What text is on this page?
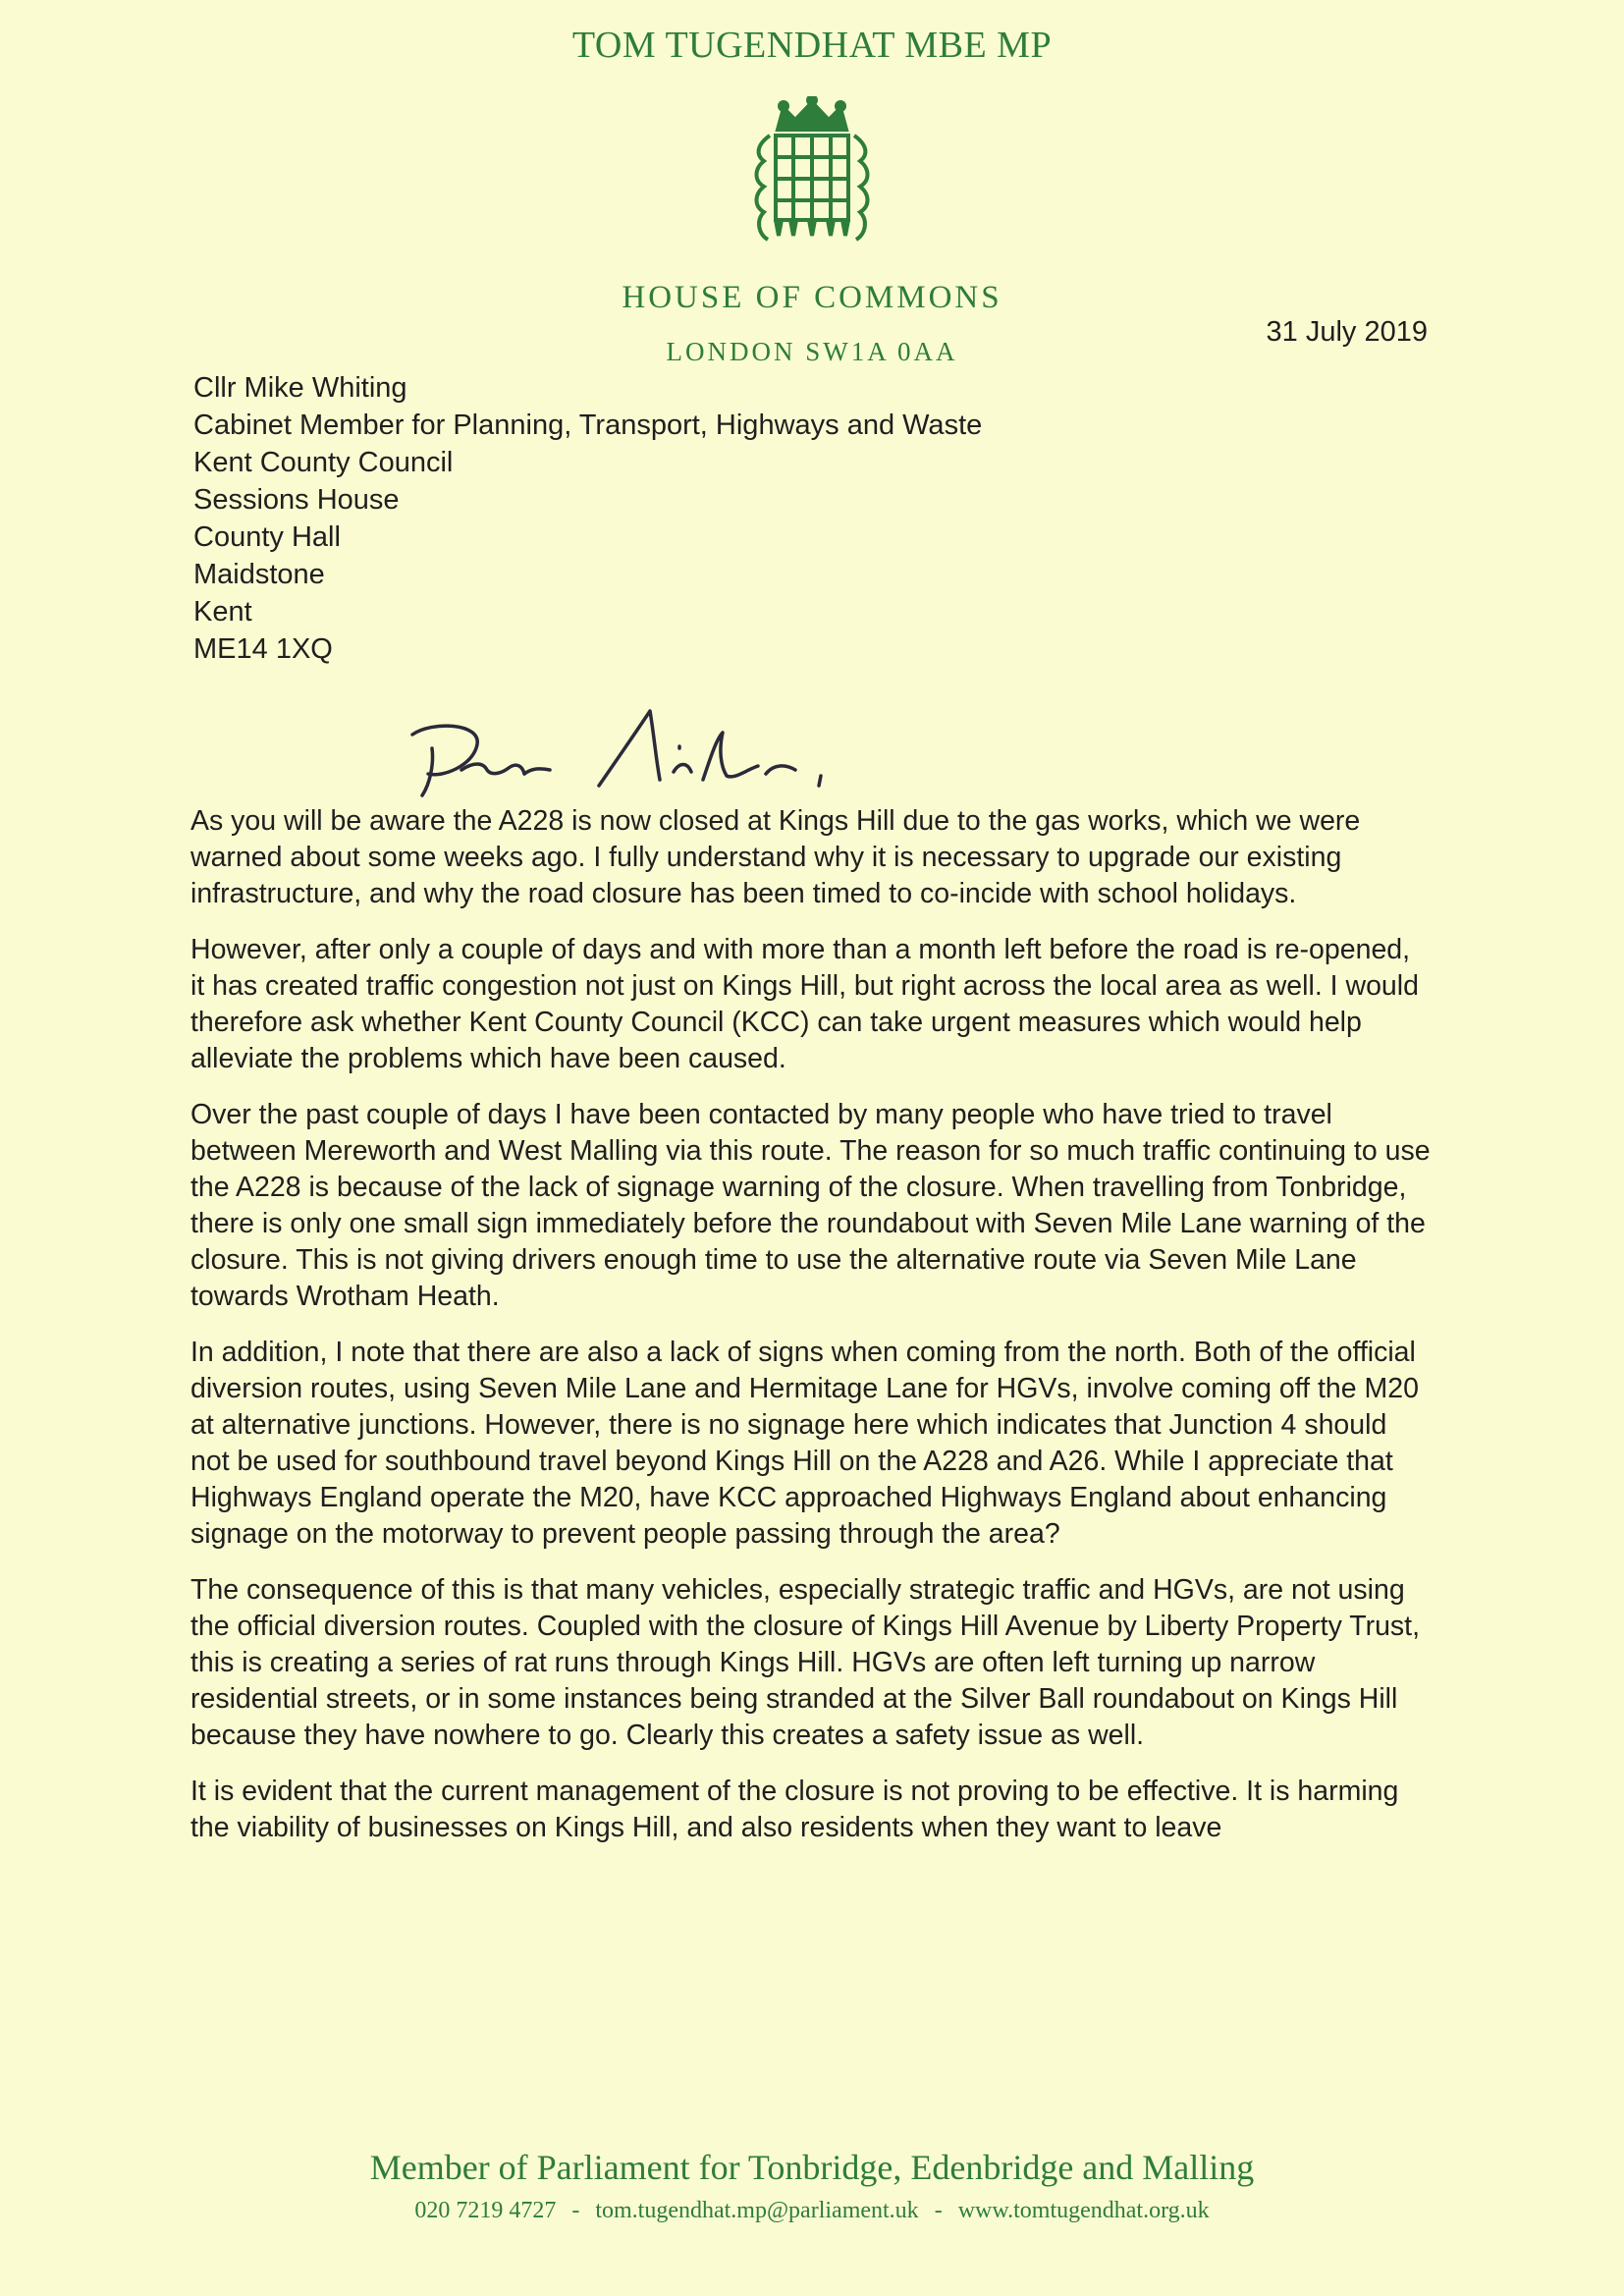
TOM TUGENDHAT MBE MP
HOUSE OF COMMONS
LONDON SW1A 0AA
31 July 2019
Cllr Mike Whiting
Cabinet Member for Planning, Transport, Highways and Waste
Kent County Council
Sessions House
County Hall
Maidstone
Kent
ME14 1XQ

As you will be aware the A228 is now closed at Kings Hill due to the gas works, which we were warned about some weeks ago. I fully understand why it is necessary to upgrade our existing infrastructure, and why the road closure has been timed to co-incide with school holidays.

However, after only a couple of days and with more than a month left before the road is re-opened, it has created traffic congestion not just on Kings Hill, but right across the local area as well. I would therefore ask whether Kent County Council (KCC) can take urgent measures which would help alleviate the problems which have been caused.

Over the past couple of days I have been contacted by many people who have tried to travel between Mereworth and West Malling via this route. The reason for so much traffic continuing to use the A228 is because of the lack of signage warning of the closure. When travelling from Tonbridge, there is only one small sign immediately before the roundabout with Seven Mile Lane warning of the closure. This is not giving drivers enough time to use the alternative route via Seven Mile Lane towards Wrotham Heath.

In addition, I note that there are also a lack of signs when coming from the north. Both of the official diversion routes, using Seven Mile Lane and Hermitage Lane for HGVs, involve coming off the M20 at alternative junctions. However, there is no signage here which indicates that Junction 4 should not be used for southbound travel beyond Kings Hill on the A228 and A26. While I appreciate that Highways England operate the M20, have KCC approached Highways England about enhancing signage on the motorway to prevent people passing through the area?

The consequence of this is that many vehicles, especially strategic traffic and HGVs, are not using the official diversion routes. Coupled with the closure of Kings Hill Avenue by Liberty Property Trust, this is creating a series of rat runs through Kings Hill. HGVs are often left turning up narrow residential streets, or in some instances being stranded at the Silver Ball roundabout on Kings Hill because they have nowhere to go. Clearly this creates a safety issue as well.

It is evident that the current management of the closure is not proving to be effective. It is harming the viability of businesses on Kings Hill, and also residents when they want to leave

Member of Parliament for Tonbridge, Edenbridge and Malling
020 7219 4727 - tom.tugendhat.mp@parliament.uk - www.tomtugendhat.org.uk
